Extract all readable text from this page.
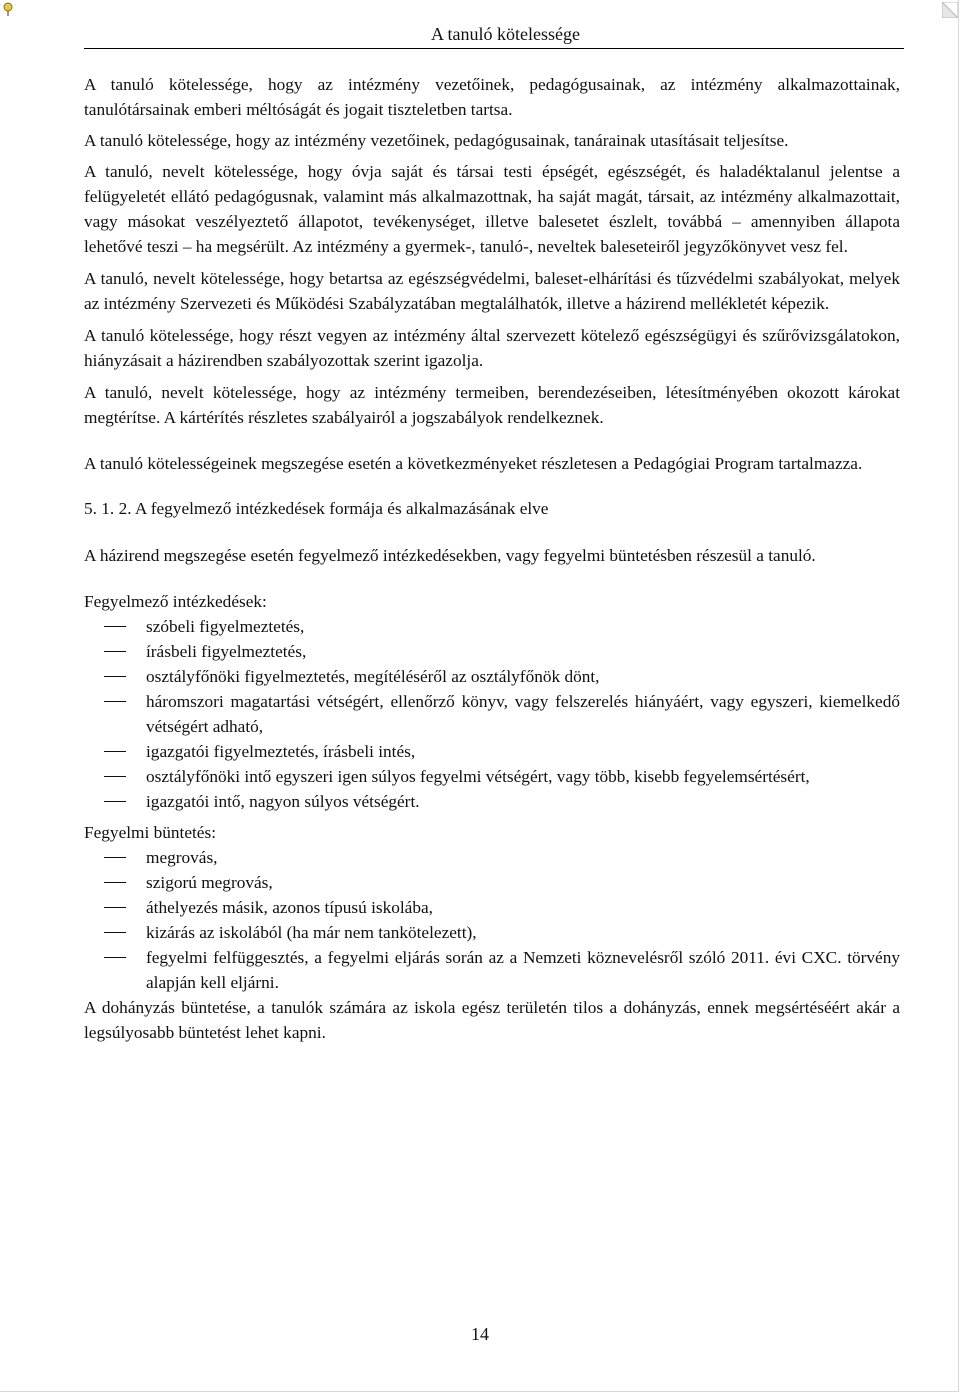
A tanuló kötelessége

A tanuló kötelessége, hogy az intézmény vezetőinek, pedagógusainak, az intézmény alkalmazottainak, tanulótársainak emberi méltóságát és jogait tiszteletben tartsa.

A tanuló kötelessége, hogy az intézmény vezetőinek, pedagógusainak, tanárainak utasításait teljesítse.

A tanuló, nevelt kötelessége, hogy óvja saját és társai testi épségét, egészségét, és haladéktalanul jelentse a felügyeletét ellátó pedagógusnak, valamint más alkalmazottnak, ha saját magát, társait, az intézmény alkalmazottait, vagy másokat veszélyeztető állapotot, tevékenységet, illetve balesetet észlelt, továbbá – amennyiben állapota lehetővé teszi – ha megsérült. Az intézmény a gyermek-, tanuló-, neveltek baleseteiről jegyzőkönyvet vesz fel.

A tanuló, nevelt kötelessége, hogy betartsa az egészségvédelmi, baleset-elhárítási és tűzvédelmi szabályokat, melyek az intézmény Szervezeti és Működési Szabályzatában megtalálhatók, illetve a házirend mellékletét képezik.

A tanuló kötelessége, hogy részt vegyen az intézmény által szervezett kötelező egészségügyi és szűrővizsgálatokon, hiányzásait a házirendben szabályozottak szerint igazolja.

A tanuló, nevelt kötelessége, hogy az intézmény termeiben, berendezéseiben, létesítményében okozott károkat megtérítse. A kártérítés részletes szabályairól a jogszabályok rendelkeznek.

A tanuló kötelességeinek megszegése esetén a következményeket részletesen a Pedagógiai Program tartalmazza.

5. 1. 2. A fegyelmező intézkedések formája és alkalmazásának elve

A házirend megszegése esetén fegyelmező intézkedésekben, vagy fegyelmi büntetésben részesül a tanuló.

Fegyelmező intézkedések:

szóbeli figyelmeztetés,
írásbeli figyelmeztetés,
osztályfőnöki figyelmeztetés, megítéléséről az osztályfőnök dönt,
háromszori magatartási vétségért, ellenőrző könyv, vagy felszerelés hiányáért, vagy egyszeri, kiemelkedő vétségért adható,
igazgatói figyelmeztetés, írásbeli intés,
osztályfőnöki intő egyszeri igen súlyos fegyelmi vétségért, vagy több, kisebb fegyelemsértésért,
igazgatói intő, nagyon súlyos vétségért.

Fegyelmi büntetés:

megrovás,
szigorú megrovás,
áthelyezés másik, azonos típusú iskolába,
kizárás az iskolából (ha már nem tankötelezett),
fegyelmi felfüggesztés, a fegyelmi eljárás során az a Nemzeti köznevelésről szóló 2011. évi CXC. törvény alapján kell eljárni.

A dohányzás büntetése, a tanulók számára az iskola egész területén tilos a dohányzás, ennek megsértéséért akár a legsúlyosabb büntetést lehet kapni.

14
